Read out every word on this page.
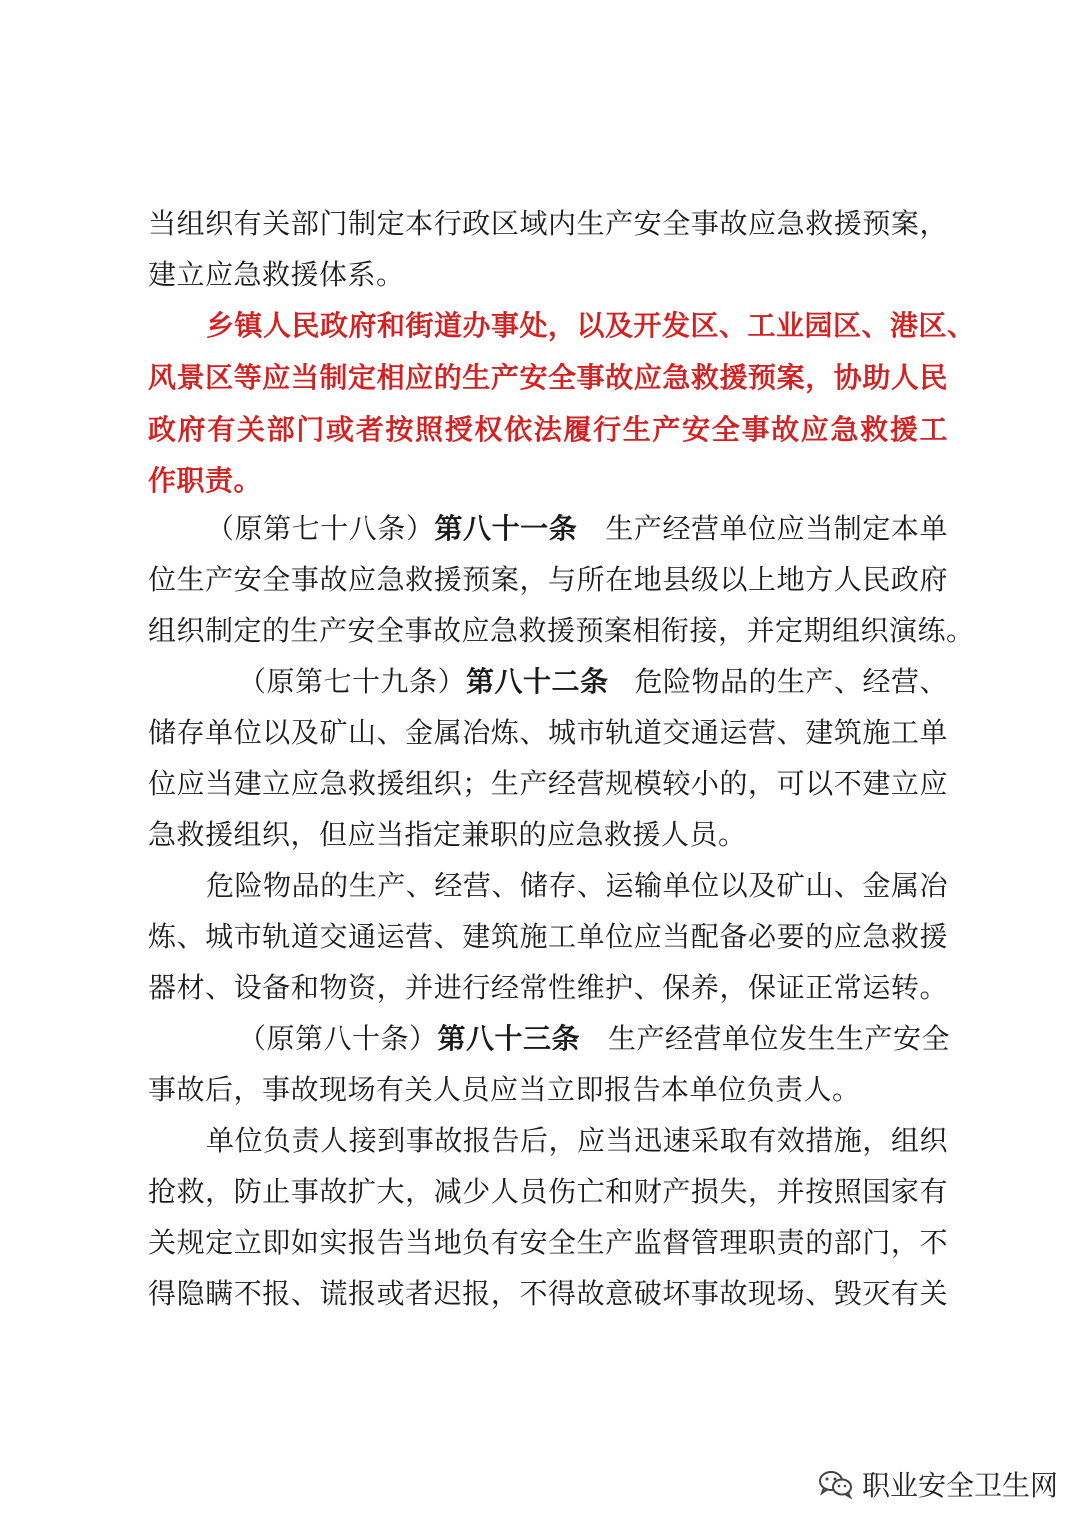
当组织有关部门制定本行政区域内生产安全事故应急救援预案，
建立应急救援体系。
乡镇人民政府和街道办事处，以及开发区、工业园区、港区、
风景区等应当制定相应的生产安全事故应急救援预案，协助人民
政府有关部门或者按照授权依法履行生产安全事故应急救援工
作职责。
（原第七十八条）第八十一条 生产经营单位应当制定本单
位生产安全事故应急救援预案，与所在地县级以上地方人民政府
组织制定的生产安全事故应急救援预案相衔接，并定期组织演练。
（原第七十九条）第八十二条 危险物品的生产、经营、
储存单位以及矿山、金属冶炼、城市轨道交通运营、建筑施工单
位应当建立应急救援组织；生产经营规模较小的，可以不建立应
急救援组织，但应当指定兼职的应急救援人员。
危险物品的生产、经营、储存、运输单位以及矿山、金属冶
炼、城市轨道交通运营、建筑施工单位应当配备必要的应急救援
器材、设备和物资，并进行经常性维护、保养，保证正常运转。
（原第八十条）第八十三条 生产经营单位发生生产安全
事故后，事故现场有关人员应当立即报告本单位负责人。
单位负责人接到事故报告后，应当迅速采取有效措施，组织
抢救，防止事故扩大，减少人员伤亡和财产损失，并按照国家有
关规定立即如实报告当地负有安全生产监督管理职责的部门，不
得隐瞒不报、谎报或者迟报，不得故意破坏事故现场、毁灭有关
职业安全卫生网
